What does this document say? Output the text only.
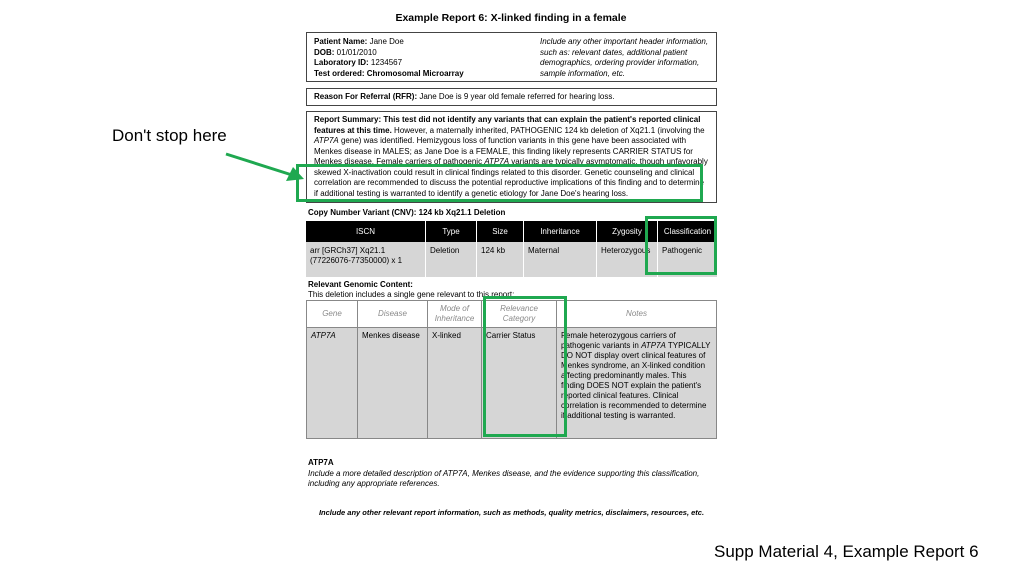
Example Report 6: X-linked finding in a female
Patient Name: Jane Doe
DOB: 01/01/2010
Laboratory ID: 1234567
Test ordered: Chromosomal Microarray
Include any other important header information, such as: relevant dates, additional patient demographics, ordering provider information, sample information, etc.
Reason For Referral (RFR): Jane Doe is 9 year old female referred for hearing loss.

Report Summary: This test did not identify any variants that can explain the patient's reported clinical features at this time. However, a maternally inherited, PATHOGENIC 124 kb deletion of Xq21.1 (involving the ATP7A gene) was identified. Hemizygous loss of function variants in this gene have been associated with Menkes disease in MALES; as Jane Doe is a FEMALE, this finding likely represents CARRIER STATUS for Menkes disease. Female carriers of pathogenic ATP7A variants are typically asymptomatic, though unfavorably skewed X-inactivation could result in clinical findings related to this disorder. Genetic counseling and clinical correlation are recommended to discuss the potential reproductive implications of this finding and to determine if additional testing is warranted to identify a genetic etiology for Jane Doe's hearing loss.

Copy Number Variant (CNV): 124 kb Xq21.1 Deletion
ISCN	Type	Size	Inheritance	Zygosity	Classification
arr [GRCh37] Xq21.1 (77226076-77350000) x 1	Deletion	124 kb	Maternal	Heterozygous	Pathogenic
Relevant Genomic Content:
This deletion includes a single gene relevant to this report:
Gene	Disease	Mode of Inheritance	Relevance Category	Notes
ATP7A	Menkes disease	X-linked	Carrier Status	Female heterozygous carriers of pathogenic variants in ATP7A TYPICALLY DO NOT display overt clinical features of Menkes syndrome, an X-linked condition affecting predominantly males. This finding DOES NOT explain the patient's reported clinical features. Clinical correlation is recommended to determine if additional testing is warranted.
ATP7A
Include a more detailed description of ATP7A, Menkes disease, and the evidence supporting this classification, including any appropriate references.
Include any other relevant report information, such as methods, quality metrics, disclaimers, resources, etc.
Don't stop here
Supp Material 4, Example Report 6
